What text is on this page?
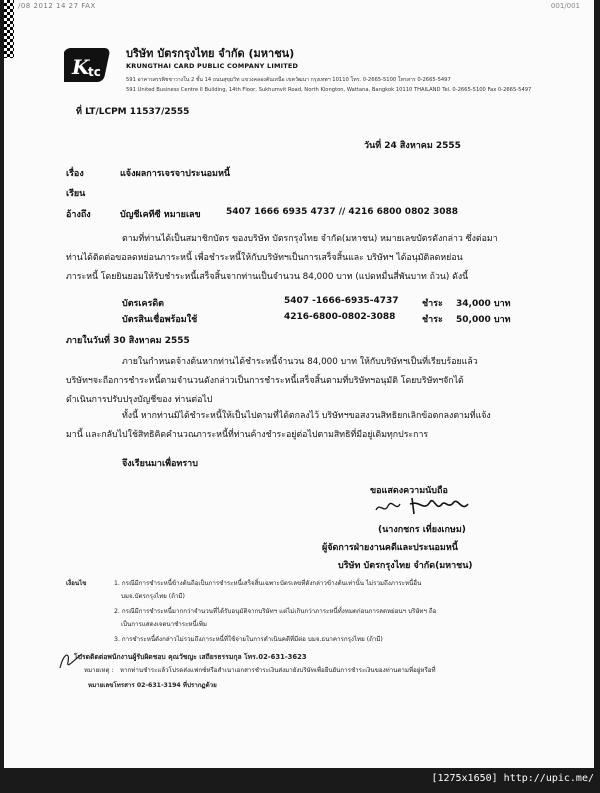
/08 2012 14 27 FAX	001/001
K
tc
บริษัท บัตรกรุงไทย จำกัด (มหาชน)
KRUNGTHAI CARD PUBLIC COMPANY LIMITED
591 อาคารสรรพิชชาวางใน 2 ชั้น 14 ถนนสุขุมวิท แขวงคลองตันเหนือ เขตวัฒนา กรุงเทพฯ 10110 โทร. 0-2665-5100 โทรสาร 0-2665-5497
591 United Business Centre II Building, 14th Floor, Sukhumvit Road, North Klongton, Wattana, Bangkok 10110 THAILAND Tel. 0-2665-5100 Fax 0-2665-5497
ที่ LT/LCPM 11537/2555
วันที่ 24 สิงหาคม 2555
เรื่อง	แจ้งผลการเจรจาประนอมหนี้
เรียน
อ้างถึง	บัญชีเคทีซี หมายเลข	5407 1666 6935 4737 // 4216 6800 0802 3088
ตามที่ท่านได้เป็นสมาชิกบัตร ของบริษัท บัตรกรุงไทย จำกัด(มหาชน) หมายเลขบัตรดังกล่าว ซึ่งต่อมา
ท่านได้ติดต่อขอลดหย่อนภาระหนี้ เพื่อชำระหนี้ให้กับบริษัทฯเป็นการเสร็จสิ้นและ บริษัทฯ ได้อนุมัติลดหย่อน
ภาระหนี้ โดยยินยอมให้รับชำระหนี้เสร็จสิ้นจากท่านเป็นจำนวน 84,000 บาท (แปดหมื่นสี่พันบาท ถ้วน) ดังนี้
บัตรเครดิต	5407 -1666-6935-4737	ชำระ 34,000 บาท
บัตรสินเชื่อพร้อมใช้	4216-6800-0802-3088	ชำระ 50,000 บาท
ภายในวันที่ 30 สิงหาคม 2555
ภายในกำหนดจ้างต้นหากท่านได้ชำระหนี้จำนวน 84,000 บาท ให้กับบริษัทฯเป็นที่เรียบร้อยแล้ว
บริษัทฯจะถือการชำระหนี้ตามจำนวนดังกล่าวเป็นการชำระหนี้เสร็จสิ้นตามที่บริษัทฯอนุมัติ โดยบริษัทฯจักได้
ดำเนินการปรับปรุงบัญชีของ ท่านต่อไป
ทั้งนี้ หากท่านมิได้ชำระหนี้ให้เป็นไปตามที่ได้ตกลงไว้ บริษัทฯขอสงวนสิทธิยกเลิกข้อตกลงตามที่แจ้ง
มานี้ และกลับไปใช้สิทธิคิดคำนวณภาระหนี้ที่ท่านค้างชำระอยู่ต่อไปตามสิทธิที่มีอยู่เดิมทุกประการ
จึงเรียนมาเพื่อทราบ
ขอแสดงความนับถือ
(นางกชกร เที่ยงเกษม)
ผู้จัดการฝ่ายงานคดีและประนอมหนี้
บริษัท บัตรกรุงไทย จำกัด(มหาชน)
เงื่อนไข	1. กรณีมีการชำระหนี้ข้างต้นถือเป็นการชำระหนี้เสร็จสิ้นเฉพาะบัตรเลขที่ดังกล่าวข้างต้นเท่านั้น ไม่รวมถึงภาระหนี้อื่น
บมจ.บัตรกรุงไทย (ถ้ามี)
2. กรณีมีการชำระหนี้มากกว่าจำนวนที่ได้รับอนุมัติจากบริษัทฯ แต่ไม่เกินกว่าภาระหนี้ทั้งหมดก่อนการลดหย่อนฯ บริษัทฯ ถือ
เป็นการแสดงเจตนาชำระหนี้เพิ่ม
3. การชำระหนี้ดังกล่าวไม่รวมถึงภาระหนี้ที่ใช้จ่ายในการดำเนินคดีที่มีต่อ บมจ.ธนาคารกรุงไทย (ถ้ามี)
โปรดติดต่อพนักงานผู้รับผิดชอบ คุณวัชญะ เสถียรธรรมกุล โทร.02-631-3623
หมายเหตุ : หากท่านชำระแล้วโปรดส่งแฟกซ์หรือสำเนาเอกสารชำระเงินส่งมายังบริษัทเพื่อยืนยันการชำระเงินของท่านตามที่อยู่หรือที่
หมายเลขโทรสาร 02-631-3194 ที่ปรากฏด้วย
[1275x1650] http://upic.me/
